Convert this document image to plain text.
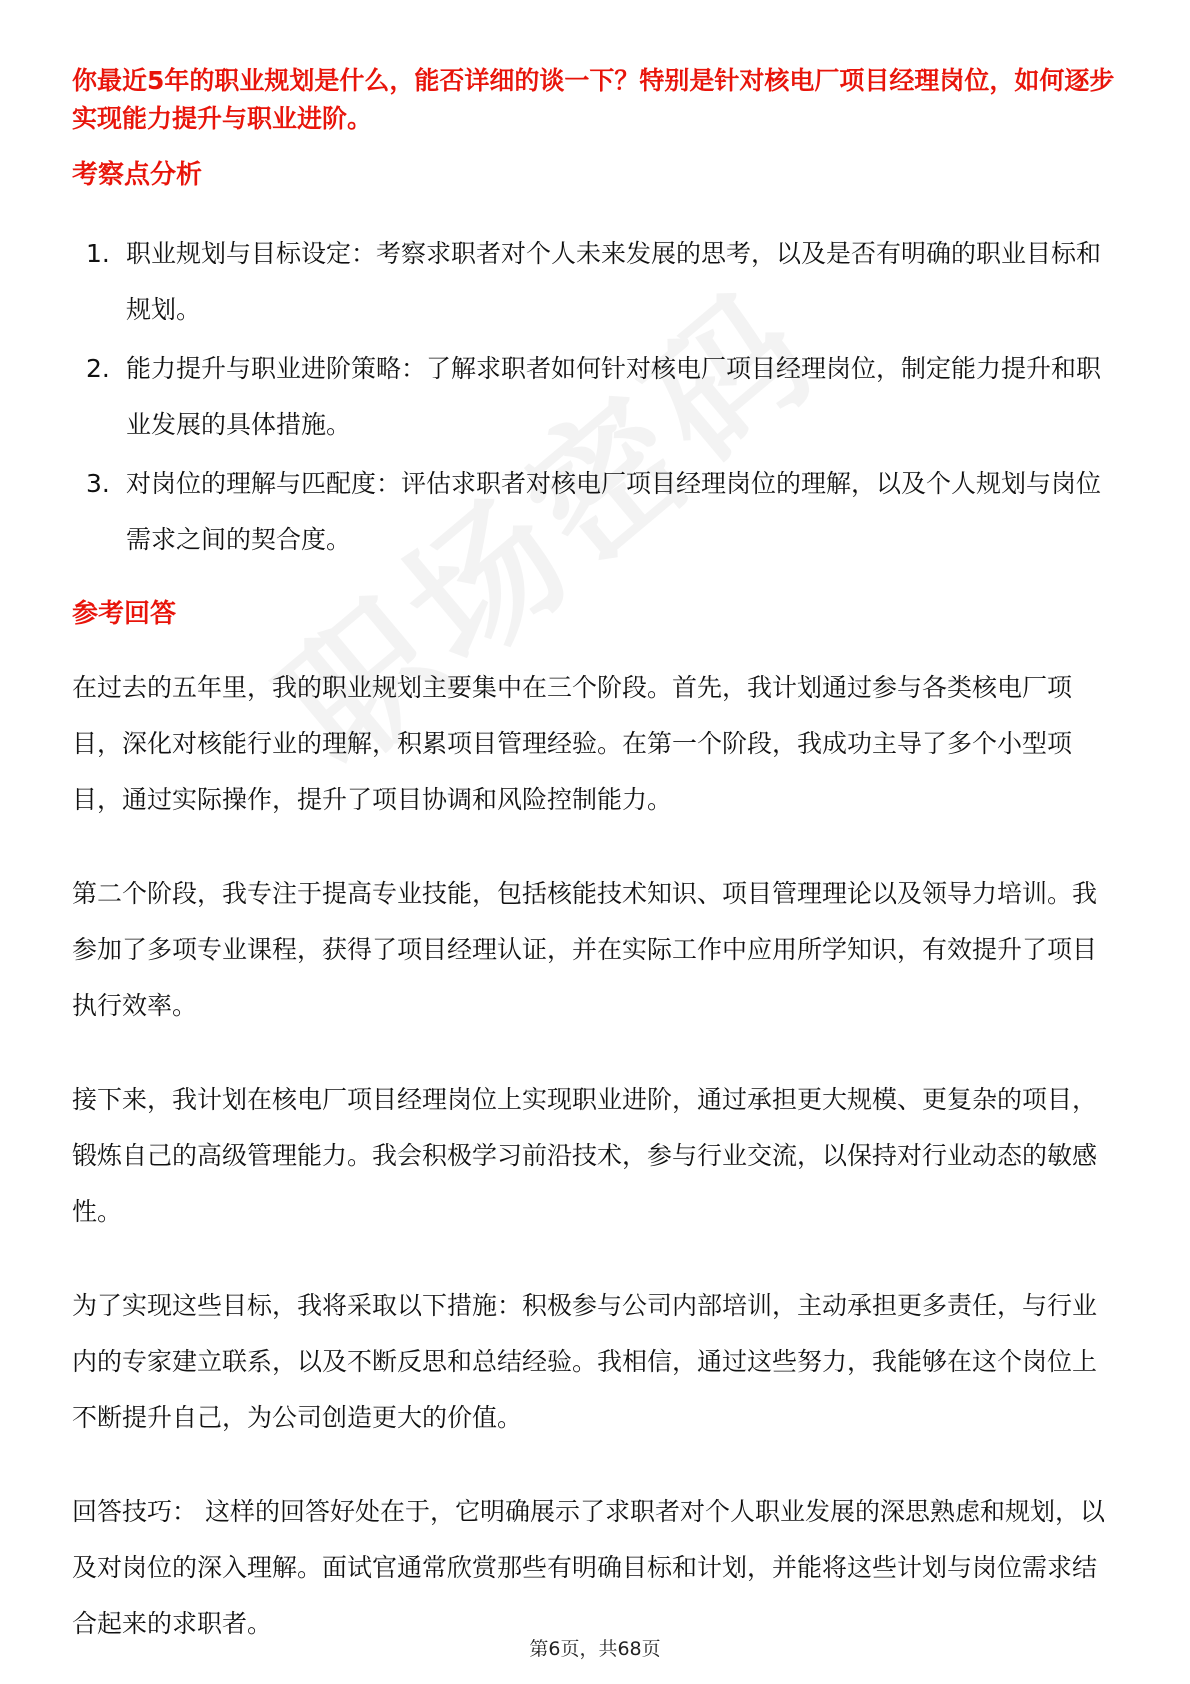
你最近5年的职业规划是什么，能否详细的谈一下？特别是针对核电厂项目经理岗位，如何逐步实现能力提升与职业进阶。

考察点分析
1. 职业规划与目标设定：考察求职者对个人未来发展的思考，以及是否有明确的职业目标和规划。
2. 能力提升与职业进阶策略：了解求职者如何针对核电厂项目经理岗位，制定能力提升和职业发展的具体措施。
3. 对岗位的理解与匹配度：评估求职者对核电厂项目经理岗位的理解，以及个人规划与岗位需求之间的契合度。
参考回答

在过去的五年里，我的职业规划主要集中在三个阶段。首先，我计划通过参与各类核电厂项目，深化对核能行业的理解，积累项目管理经验。在第一个阶段，我成功主导了多个小型项目，通过实际操作，提升了项目协调和风险控制能力。

第二个阶段，我专注于提高专业技能，包括核能技术知识、项目管理理论以及领导力培训。我参加了多项专业课程，获得了项目经理认证，并在实际工作中应用所学知识，有效提升了项目执行效率。

接下来，我计划在核电厂项目经理岗位上实现职业进阶，通过承担更大规模、更复杂的项目，锻炼自己的高级管理能力。我会积极学习前沿技术，参与行业交流，以保持对行业动态的敏感性。

为了实现这些目标，我将采取以下措施：积极参与公司内部培训，主动承担更多责任，与行业内的专家建立联系，以及不断反思和总结经验。我相信，通过这些努力，我能够在这个岗位上不断提升自己，为公司创造更大的价值。

回答技巧： 这样的回答好处在于，它明确展示了求职者对个人职业发展的深思熟虑和规划，以及对岗位的深入理解。面试官通常欣赏那些有明确目标和计划，并能将这些计划与岗位需求结合起来的求职者。

第6页，共68页
